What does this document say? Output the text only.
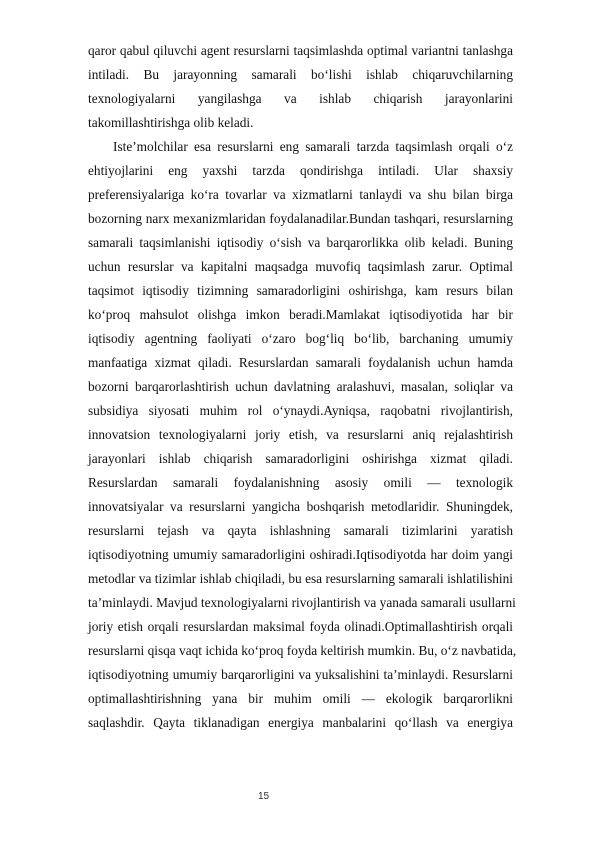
qaror qabul qiluvchi agent resurslarni taqsimlashda optimal variantni tanlashga
intiladi. Bu jarayonning samarali bo‘lishi ishlab chiqaruvchilarning
texnologiyalarni yangilashga va ishlab chiqarish jarayonlarini
takomillashtirishga olib keladi.
Iste’molchilar esa resurslarni eng samarali tarzda taqsimlash orqali o‘z
ehtiyojlarini eng yaxshi tarzda qondirishga intiladi. Ular shaxsiy
preferensiyalariga ko‘ra tovarlar va xizmatlarni tanlaydi va shu bilan birga
bozorning narx mexanizmlaridan foydalanadilar.Bundan tashqari, resurslarning
samarali taqsimlanishi iqtisodiy o‘sish va barqarorlikka olib keladi. Buning
uchun resurslar va kapitalni maqsadga muvofiq taqsimlash zarur. Optimal
taqsimot iqtisodiy tizimning samaradorligini oshirishga, kam resurs bilan
ko‘proq mahsulot olishga imkon beradi.Mamlakat iqtisodiyotida har bir
iqtisodiy agentning faoliyati o‘zaro bog‘liq bo‘lib, barchaning umumiy
manfaatiga xizmat qiladi. Resurslardan samarali foydalanish uchun hamda
bozorni barqarorlashtirish uchun davlatning aralashuvi, masalan, soliqlar va
subsidiya siyosati muhim rol o‘ynaydi.Ayniqsa, raqobatni rivojlantirish,
innovatsion texnologiyalarni joriy etish, va resurslarni aniq rejalashtirish
jarayonlari ishlab chiqarish samaradorligini oshirishga xizmat qiladi.
Resurslardan samarali foydalanishning asosiy omili — texnologik
innovatsiyalar va resurslarni yangicha boshqarish metodlaridir. Shuningdek,
resurslarni tejash va qayta ishlashning samarali tizimlarini yaratish
iqtisodiyotning umumiy samaradorligini oshiradi.Iqtisodiyotda har doim yangi
metodlar va tizimlar ishlab chiqiladi, bu esa resurslarning samarali ishlatilishini
ta’minlaydi. Mavjud texnologiyalarni rivojlantirish va yanada samarali usullarni
joriy etish orqali resurslardan maksimal foyda olinadi.Optimallashtirish orqali
resurslarni qisqa vaqt ichida ko‘proq foyda keltirish mumkin. Bu, o‘z navbatida,
iqtisodiyotning umumiy barqarorligini va yuksalishini ta’minlaydi. Resurslarni
optimallashtirishning yana bir muhim omili — ekologik barqarorlikni
saqlashdir. Qayta tiklanadigan energiya manbalarini qo‘llash va energiya
15
